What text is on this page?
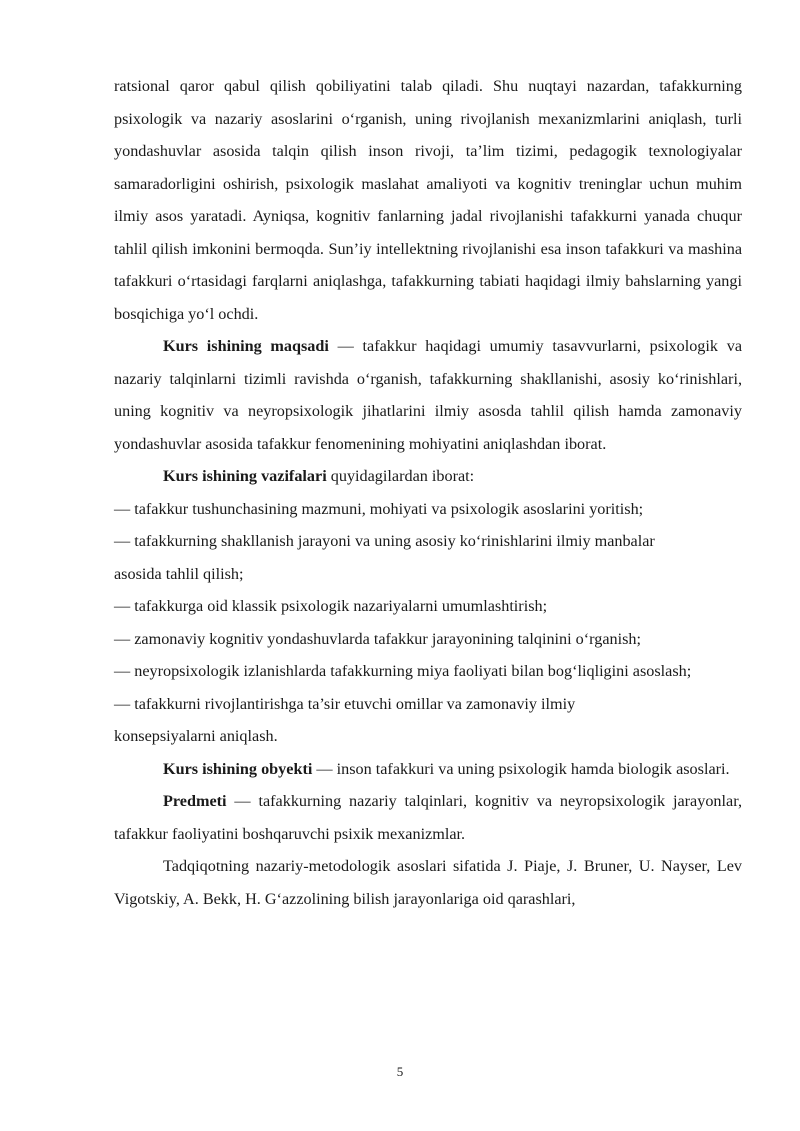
ratsional qaror qabul qilish qobiliyatini talab qiladi. Shu nuqtayi nazardan, tafakkurning psixologik va nazariy asoslarini o‘rganish, uning rivojlanish mexanizmlarini aniqlash, turli yondashuvlar asosida talqin qilish inson rivoji, ta’lim tizimi, pedagogik texnologiyalar samaradorligini oshirish, psixologik maslahat amaliyoti va kognitiv treninglar uchun muhim ilmiy asos yaratadi. Ayniqsa, kognitiv fanlarning jadal rivojlanishi tafakkurni yanada chuqur tahlil qilish imkonini bermoqda. Sun’iy intellektning rivojlanishi esa inson tafakkuri va mashina tafakkuri o‘rtasidagi farqlarni aniqlashga, tafakkurning tabiati haqidagi ilmiy bahslarning yangi bosqichiga yo‘l ochdi.

Kurs ishining maqsadi — tafakkur haqidagi umumiy tasavvurlarni, psixologik va nazariy talqinlarni tizimli ravishda o‘rganish, tafakkurning shakllanishi, asosiy ko‘rinishlari, uning kognitiv va neyropsixologik jihatlarini ilmiy asosda tahlil qilish hamda zamonaviy yondashuvlar asosida tafakkur fenomenining mohiyatini aniqlashdan iborat.

Kurs ishining vazifalari quyidagilardan iborat:

— tafakkur tushunchasining mazmuni, mohiyati va psixologik asoslarini yoritish;

— tafakkurning shakllanish jarayoni va uning asosiy ko‘rinishlarini ilmiy manbalar asosida tahlil qilish;

— tafakkurga oid klassik psixologik nazariyalarni umumlashtirish;

— zamonaviy kognitiv yondashuvlarda tafakkur jarayonining talqinini o‘rganish;

— neyropsixologik izlanishlarda tafakkurning miya faoliyati bilan bog‘liqligini asoslash;

— tafakkurni rivojlantirishga ta’sir etuvchi omillar va zamonaviy ilmiy konsepsiyalarni aniqlash.

Kurs ishining obyekti — inson tafakkuri va uning psixologik hamda biologik asoslari.

Predmeti — tafakkurning nazariy talqinlari, kognitiv va neyropsixologik jarayonlar, tafakkur faoliyatini boshqaruvchi psixik mexanizmlar.

Tadqiqotning nazariy-metodologik asoslari sifatida J. Piaje, J. Bruner, U. Nayser, Lev Vigotskiy, A. Bekk, H. G‘azzolining bilish jarayonlariga oid qarashlari,

5
